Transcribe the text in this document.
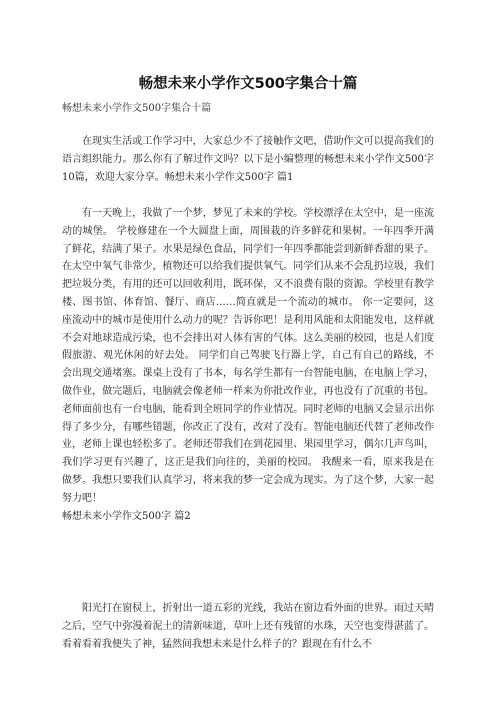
畅想未来小学作文500字集合十篇
畅想未来小学作文500字集合十篇
在现实生活或工作学习中，大家总少不了接触作文吧，借助作文可以提高我们的语言组织能力。那么你有了解过作文吗？以下是小编整理的畅想未来小学作文500字10篇，欢迎大家分享。畅想未来小学作文500字 篇1
有一天晚上，我做了一个梦，梦见了未来的学校。学校漂浮在太空中，是一座流动的城堡。 学校修建在一个大圆盘上面，周围栽的许多鲜花和果树。一年四季开满了鲜花，结满了果子。水果是绿色食品，同学们一年四季都能尝到新鲜香甜的果子。在太空中氧气非常少，植物还可以给我们提供氧气。同学们从来不会乱扔垃圾，我们把垃圾分类，有用的还可以回收利用，既环保，又不浪费有限的资源。学校里有教学楼、图书馆、体育馆、餐厅、商店……简直就是一个流动的城市。 你一定要问，这座流动中的城市是使用什么动力的呢？告诉你吧！是利用风能和太阳能发电，这样就不会对地球造成污染，也不会排出对人体有害的气体。这么美丽的校园，也是人们度假旅游、观光休闲的好去处。 同学们自己驾驶飞行器上学，自己有自己的路线，不会出现交通堵塞。课桌上没有了书本，每名学生都有一台智能电脑，在电脑上学习，做作业，做完题后，电脑就会像老师一样来为你批改作业，再也没有了沉重的书包。老师面前也有一台电脑，能看到全班同学的作业情况。同时老师的电脑又会显示出你得了多少分，有哪些错题，你改正了没有，改对了没有。智能电脑还代替了老师改作业，老师上课也轻松多了。老师还带我们在到花园里、果园里学习，偶尔几声鸟叫，我们学习更有兴趣了，这正是我们向往的，美丽的校园。 我醒来一看，原来我是在做梦。我想只要我们认真学习，将来我的梦一定会成为现实。为了这个梦，大家一起努力吧！
畅想未来小学作文500字 篇2
阳光打在窗棂上，折射出一道五彩的光线，我站在窗边看外面的世界。雨过天晴之后，空气中弥漫着泥土的清新味道，草叶上还有残留的水珠，天空也变得湛蓝了。看着看着我便失了神，猛然间我想未来是什么样子的？跟现在有什么不
